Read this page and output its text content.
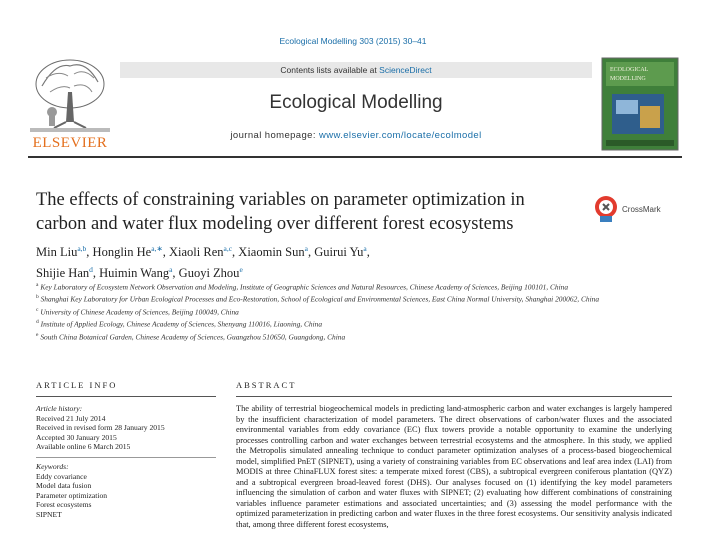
Ecological Modelling 303 (2015) 30–41
ELSEVIER
Contents lists available at ScienceDirect
Ecological Modelling
journal homepage: www.elsevier.com/locate/ecolmodel
ECOLOGICAL
MODELLING
The effects of constraining variables on parameter optimization in carbon and water flux modeling over different forest ecosystems
CrossMark
Min Liu$^{a,b}$, Honglin $He^{a,∗}$, Xiaoli Ren$^{a,c}$, Xiaomin Sun$^a$, Guirui Yu$^a$,
Shijie Han$^d$, Huimin Wang$^a$, Guoyi Zhou$^e$

$^a$ Key Laboratory of Ecosystem Network Observation and Modeling, Institute of Geographic Sciences and Natural Resources, Chinese Academy of Sciences, Beijing 100101, China

$^b$ Shanghai Key Laboratory for Urban Ecological Processes and Eco-Restoration, School of Ecological and Environmental Sciences, East China Normal University, Shanghai 200062, China

$^c$ University of Chinese Academy of Sciences, Beijing 100049, China

$^d$ Institute of Applied Ecology, Chinese Academy of Sciences, Shenyang 110016, Liaoning, China

$^e$ South China Botanical Garden, Chinese Academy of Sciences, Guangzhou 510650, Guangdong, China

ARTICLE INFO	ABSTRACT
Article history:
Received 21 July 2014
Received in revised form 28 January 2015
Accepted 30 January 2015
Available online 6 March 2015
Keywords:
Eddy covariance
Model data fusion
Parameter optimization
Forest ecosystems
SIPNET
The ability of terrestrial biogeochemical models in predicting land-atmospheric carbon and water exchanges is largely hampered by the insufficient characterization of model parameters. The direct observations of carbon/water fluxes and the associated environmental variables from eddy covariance (EC) flux towers provide a notable opportunity to examine the underlying processes controlling carbon and water exchanges between terrestrial ecosystems and the atmosphere. In this study, we applied the Metropolis simulated annealing technique to conduct parameter optimization analyses of a process-based biogeochemical model, simplified PnET (SIPNET), using a variety of constraining variables from EC observations and leaf area index (LAI) from MODIS at three ChinaFLUX forest sites: a temperate mixed forest (CBS), a subtropical evergreen coniferous plantation (QYZ) and a subtropical evergreen broad-leaved forest (DHS). Our analyses focused on (1) identifying the key model parameters influencing the simulation of carbon and water fluxes with SIPNET; (2) evaluating how different combinations of constraining variables influence parameter estimations and associated uncertainties; and (3) assessing the model performance with the optimized parameterization in predicting carbon and water fluxes in the three forest ecosystems. Our sensitivity analysis indicated that, among three different forest ecosystems,
